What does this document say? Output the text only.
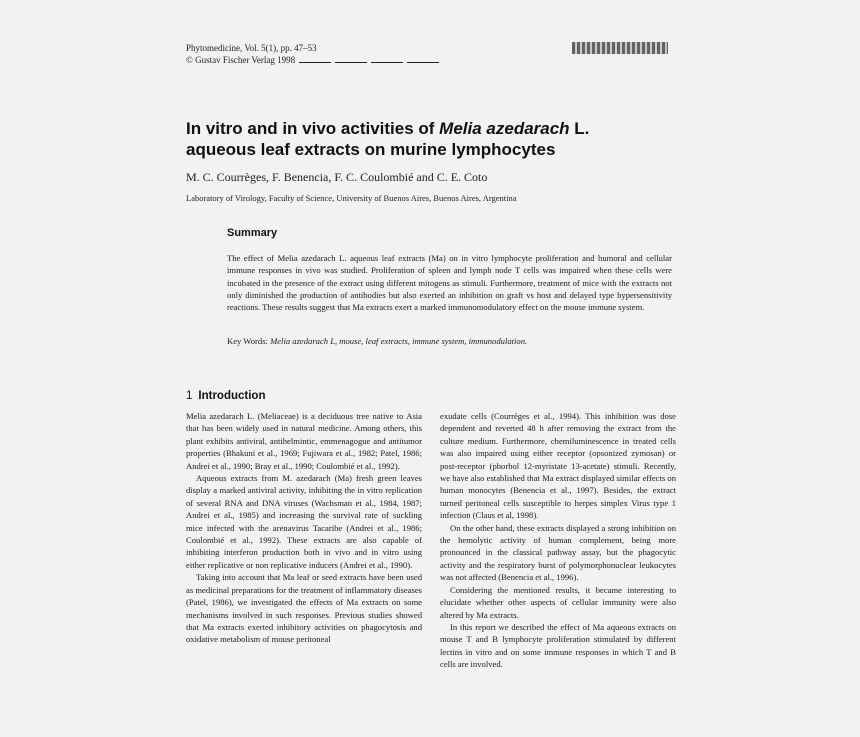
Phytomedicine, Vol. 5(1), pp. 47–53
© Gustav Fischer Verlag 1998
In vitro and in vivo activities of Melia azedarach L.
aqueous leaf extracts on murine lymphocytes
M. C. Courrèges, F. Benencia, F. C. Coulombié and C. E. Coto
Laboratory of Virology, Faculty of Science, University of Buenos Aires, Buenos Aires, Argentina
Summary
The effect of Melia azedarach L. aqueous leaf extracts (Ma) on in vitro lymphocyte proliferation and humoral and cellular immune responses in vivo was studied. Proliferation of spleen and lymph node T cells was impaired when these cells were incubated in the presence of the extract using different mitogens as stimuli. Furthermore, treatment of mice with the extracts not only diminished the production of antibodies but also exerted an inhibition on graft vs host and delayed type hypersensitivity reactions. These results suggest that Ma extracts exert a marked immunomodulatory effect on the mouse immune system.
Key Words: Melia azedarach L, mouse, leaf extracts, immune system, immunodulation.
1 Introduction

Melia azedarach L. (Meliaceae) is a deciduous tree native to Asia that has been widely used in natural medicine. Among others, this plant exhibits antiviral, antihelmintic, emmenagogue and antitumor properties (Bhakuni et al., 1969; Fujiwara et al., 1982; Patel, 1986; Andrei et al., 1990; Bray et al., 1990; Coulombié et al., 1992).

Aqueous extracts from M. azedarach (Ma) fresh green leaves display a marked antiviral activity, inhibiting the in vitro replication of several RNA and DNA viruses (Wachsman et al., 1984, 1987; Andrei et al., 1985) and increasing the survival rate of suckling mice infected with the arenavirus Tacaribe (Andrei et al., 1986; Coulombié et al., 1992). These extracts are also capable of inhibiting interferon production both in vivo and in vitro using either replicative or non replicative inducers (Andrei et al., 1990).

Taking into account that Ma leaf or seed extracts have been used as medicinal preparations for the treatment of inflammatory diseases (Patel, 1986), we investigated the effects of Ma extracts on some mechanisms involved in such responses. Previous studies showed that Ma extracts exerted inhibitory activities on phagocytosis and oxidative metabolism of mouse peritoneal

exudate cells (Courrèges et al., 1994). This inhibition was dose dependent and reverted 48 h after removing the extract from the culture medium. Furthermore, chemiluminescence in treated cells was also impaired using either receptor (opsonized zymosan) or post-receptor (phorbol 12-myristate 13-acetate) stimuli. Recently, we have also established that Ma extract displayed similar effects on human monocytes (Benencia et al., 1997). Besides, the extract turned peritoneal cells susceptible to herpes simplex Virus type 1 infection (Claus et al, 1998).

On the other hand, these extracts displayed a strong inhibition on the hemolytic activity of human complement, being more pronounced in the classical pathway assay, but the phagocytic activity and the respiratory burst of polymorphonuclear leukocytes was not affected (Benencia et al., 1996).

Considering the mentioned results, it became interesting to elucidate whether other aspects of cellular immunity were also altered by Ma extracts.

In this report we described the effect of Ma aqueous extracts on mouse T and B lymphocyte proliferation stimulated by different lectins in vitro and on some immune responses in which T and B cells are involved.
